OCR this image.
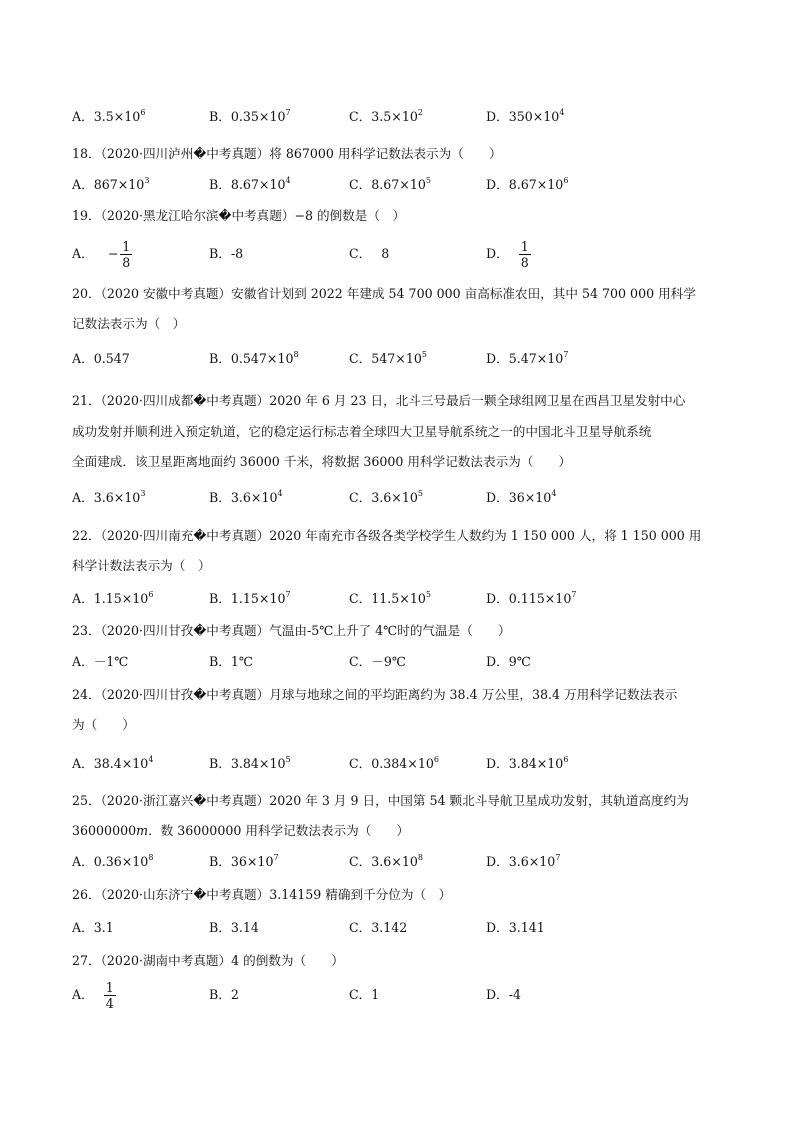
A．$3.5\times 10^6$	B．$0.35\times 10^7$	C．$3.5\times 10^2$	D．$350\times 10^4$
18．（2020·四川泸州�中考真题）将 867000 用科学记数法表示为（　　）
A．$867\times 10^3$	B．$8.67\times 10^4$	C．$8.67\times 10^5$	D．$8.67\times 10^6$
19．（2020·黑龙江哈尔滨�中考真题）−8 的倒数是（　）
A． − $\frac{1}{8}$	B．-8	C． 8	D． $\frac{1}{8}$
20．（2020 安徽中考真题）安徽省计划到 2022 年建成 54 700 000 亩高标准农田，其中 54 700 000 用科学
记数法表示为（　）
A．0.547	B．$0.547\times 10^8$	C．$547\times 10^5$	D．$5.47\times 10^7$
21．（2020·四川成都�中考真题）2020 年 6 月 23 日，北斗三号最后一颗全球组网卫星在西昌卫星发射中心
成功发射并顺利进入预定轨道，它的稳定运行标志着全球四大卫星导航系统之一的中国北斗卫星导航系统
全面建成．该卫星距离地面约 36000 千米，将数据 36000 用科学记数法表示为（　　）
A．$3.6\times 10^3$	B．$3.6\times 10^4$	C．$3.6\times 10^5$	D．$36\times 10^4$
22．（2020·四川南充�中考真题）2020 年南充市各级各类学校学生人数约为 1 150 000 人，将 1 150 000 用
科学计数法表示为（　）
A．$1.15\times 10^6$	B．$1.15\times 10^7$	C．$11.5\times 10^5$	D．$0.115\times 10^7$
23．（2020·四川甘孜�中考真题）气温由-5℃上升了 4℃时的气温是（　　）
A．－1℃	B．1℃	C．－9℃	D．9℃
24．（2020·四川甘孜�中考真题）月球与地球之间的平均距离约为 38.4 万公里，38.4 万用科学记数法表示
为（　　）
A．$38.4\times 10^4$	B．$3.84\times 10^5$	C．$0.384\times 10^6$	D．$3.84\times 10^6$
25．（2020·浙江嘉兴�中考真题）2020 年 3 月 9 日，中国第 54 颗北斗导航卫星成功发射，其轨道高度约为
36000000m．数 36000000 用科学记数法表示为（　　）
A．$0.36\times 10^8$	B．$36\times 10^7$	C．$3.6\times 10^8$	D．$3.6\times 10^7$
26．（2020·山东济宁�中考真题）3.14159 精确到千分位为（　）
A．3.1	B．3.14	C．3.142	D．3.141
27．（2020·湖南中考真题）4 的倒数为（　　）
A． $\frac{1}{4}$	B．2	C．1	D．-4
